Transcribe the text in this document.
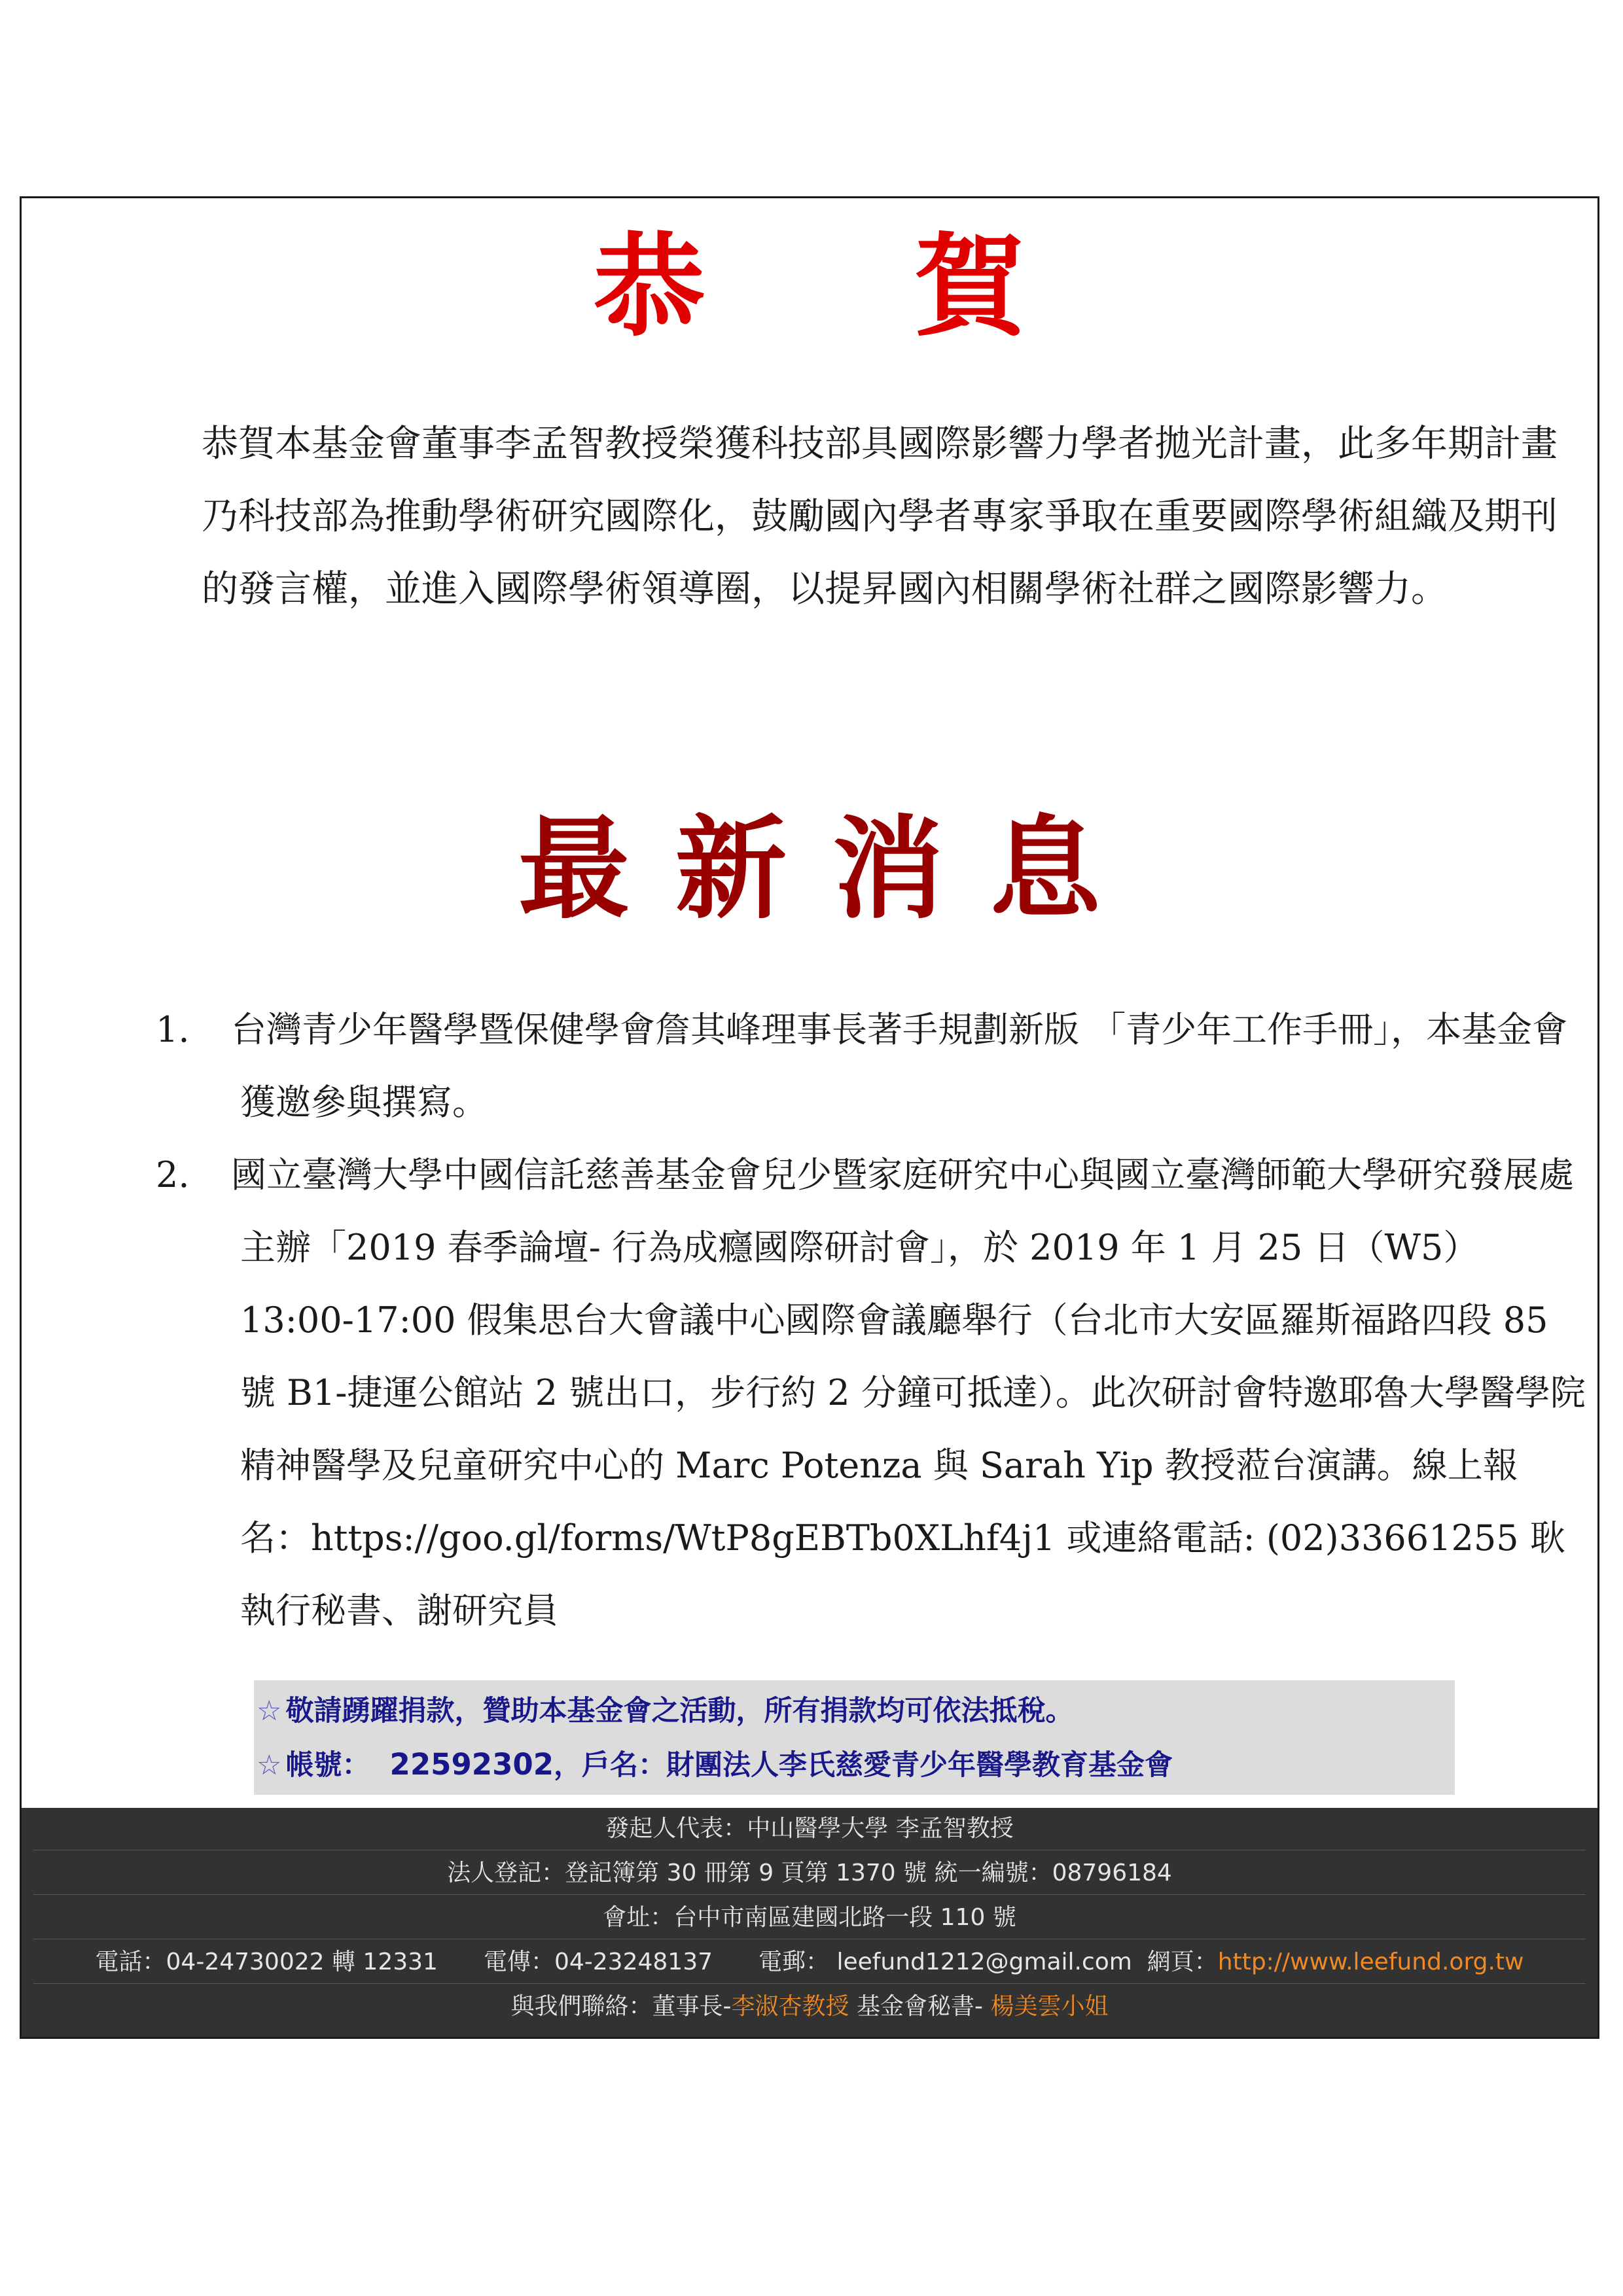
恭賀
恭賀本基金會董事李孟智教授榮獲科技部具國際影響力學者拋光計畫，此多年期計畫乃科技部為推動學術研究國際化，鼓勵國內學者專家爭取在重要國際學術組織及期刊的發言權，並進入國際學術領導圈，以提昇國內相關學術社群之國際影響力。
最新消息
1. 台灣青少年醫學暨保健學會詹其峰理事長著手規劃新版 「青少年工作手冊」，本基金會獲邀參與撰寫。
2. 國立臺灣大學中國信託慈善基金會兒少暨家庭研究中心與國立臺灣師範大學研究發展處主辦「2019 春季論壇- 行為成癮國際研討會」，於 2019 年 1 月 25 日（W5）13:00-17:00 假集思台大會議中心國際會議廳舉行（台北市大安區羅斯福路四段 85 號 B1-捷運公館站 2 號出口，步行約 2 分鐘可抵達）。此次研討會特邀耶魯大學醫學院精神醫學及兒童研究中心的 Marc Potenza 與 Sarah Yip 教授蒞台演講。線上報名：https://goo.gl/forms/WtP8gEBTb0XLhf4j1 或連絡電話: (02)33661255 耿執行秘書、謝研究員
☆ 敬請踴躍捐款，贊助本基金會之活動，所有捐款均可依法抵稅。
☆ 帳號： 22592302，戶名：財團法人李氏慈愛青少年醫學教育基金會
發起人代表：中山醫學大學 李孟智教授
法人登記：登記簿第 30 冊第 9 頁第 1370 號 統一編號：08796184
會址：台中市南區建國北路一段 110 號
電話：04-24730022 轉 12331 電傳：04-23248137 電郵： leefund1212@gmail.com 網頁：http://www.leefund.org.tw
與我們聯絡：董事長-李淑杏教授 基金會秘書- 楊美雲小姐
